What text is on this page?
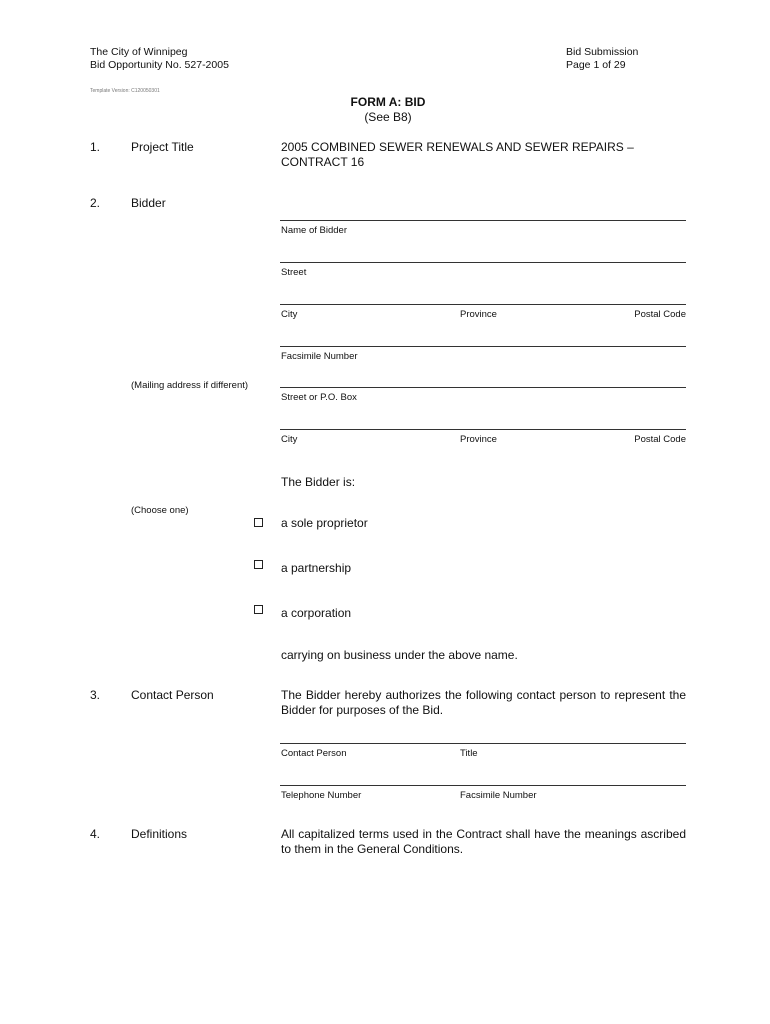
The City of Winnipeg
Bid Opportunity No. 527-2005
Bid Submission
Page 1 of 29
Template Version: C120050301
FORM A: BID
(See B8)
1.	Project Title	2005 COMBINED SEWER RENEWALS AND SEWER REPAIRS –
CONTRACT 16
2.	Bidder
Name of Bidder
Street
City	Province	Postal Code
Facsimile Number
(Mailing address if different)
Street or P.O. Box
City	Province	Postal Code
The Bidder is:
(Choose one)
a sole proprietor
a partnership
a corporation
carrying on business under the above name.
3.	Contact Person	The Bidder hereby authorizes the following contact person to represent the Bidder for purposes of the Bid.
Contact Person	Title
Telephone Number	Facsimile Number
4.	Definitions	All capitalized terms used in the Contract shall have the meanings ascribed to them in the General Conditions.
